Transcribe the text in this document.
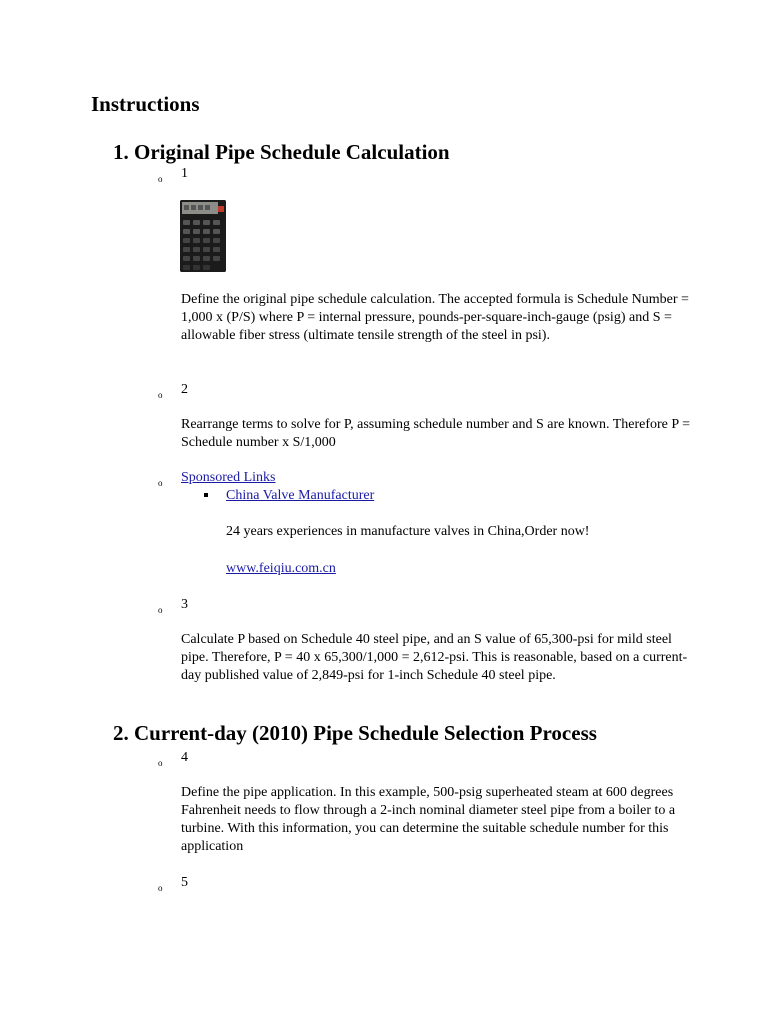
Instructions
1. Original Pipe Schedule Calculation
o 1

Define the original pipe schedule calculation. The accepted formula is Schedule Number = 1,000 x (P/S) where P = internal pressure, pounds-per-square-inch-gauge (psig) and S = allowable fiber stress (ultimate tensile strength of the steel in psi).

o 2

Rearrange terms to solve for P, assuming schedule number and S are known. Therefore P = Schedule number x S/1,000

o Sponsored Links
China Valve Manufacturer

24 years experiences in manufacture valves in China,Order now!

www.feiqiu.com.cn
o 3

Calculate P based on Schedule 40 steel pipe, and an S value of 65,300-psi for mild steel pipe. Therefore, P = 40 x 65,300/1,000 = 2,612-psi. This is reasonable, based on a current-day published value of 2,849-psi for 1-inch Schedule 40 steel pipe.

2. Current-day (2010) Pipe Schedule Selection Process
o 4

Define the pipe application. In this example, 500-psig superheated steam at 600 degrees Fahrenheit needs to flow through a 2-inch nominal diameter steel pipe from a boiler to a turbine. With this information, you can determine the suitable schedule number for this application

o 5
